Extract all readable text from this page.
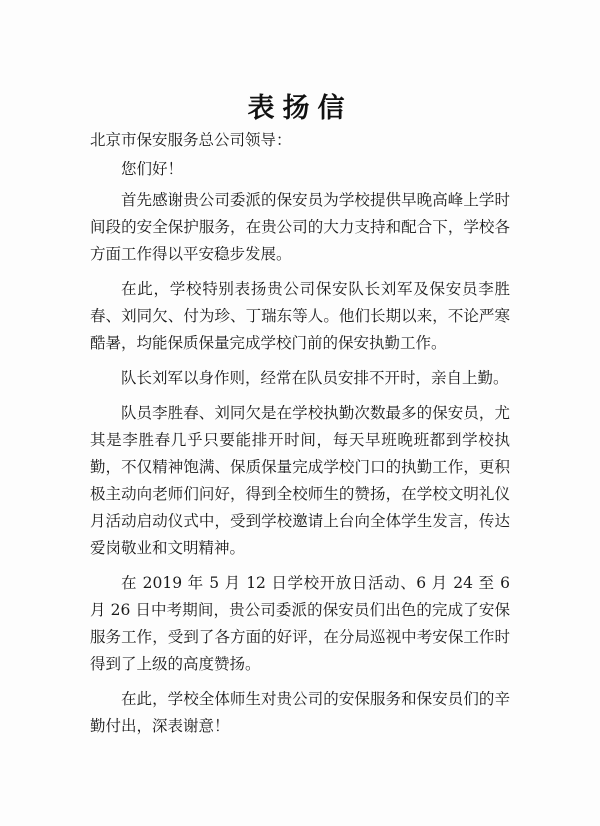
表扬信
北京市保安服务总公司领导：

您们好！

首先感谢贵公司委派的保安员为学校提供早晚高峰上学时间段的安全保护服务，在贵公司的大力支持和配合下，学校各方面工作得以平安稳步发展。

在此，学校特别表扬贵公司保安队长刘军及保安员李胜春、刘同欠、付为珍、丁瑞东等人。他们长期以来，不论严寒酷暑，均能保质保量完成学校门前的保安执勤工作。

队长刘军以身作则，经常在队员安排不开时，亲自上勤。

队员李胜春、刘同欠是在学校执勤次数最多的保安员，尤其是李胜春几乎只要能排开时间，每天早班晚班都到学校执勤，不仅精神饱满、保质保量完成学校门口的执勤工作，更积极主动向老师们问好，得到全校师生的赞扬，在学校文明礼仪月活动启动仪式中，受到学校邀请上台向全体学生发言，传达爱岗敬业和文明精神。

在 2019 年 5 月 12 日学校开放日活动、6 月 24 至 6 月 26 日中考期间，贵公司委派的保安员们出色的完成了安保服务工作，受到了各方面的好评，在分局巡视中考安保工作时得到了上级的高度赞扬。

在此，学校全体师生对贵公司的安保服务和保安员们的辛勤付出，深表谢意！
